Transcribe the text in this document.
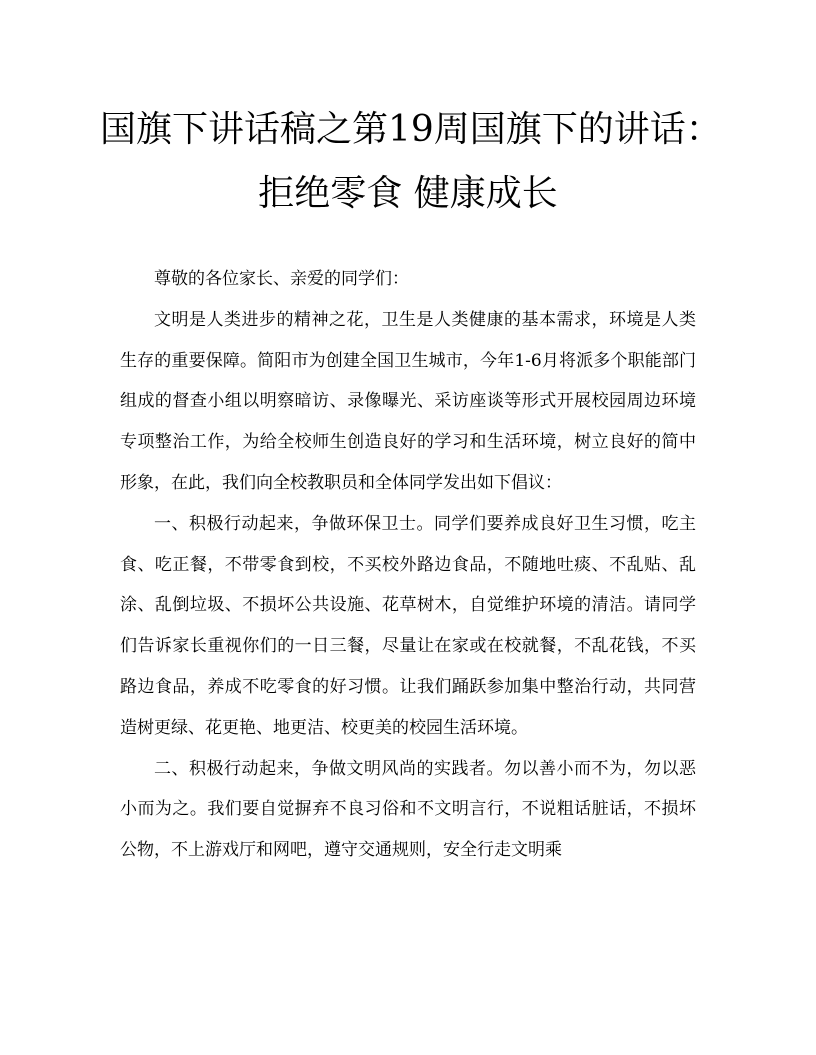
国旗下讲话稿之第19周国旗下的讲话：
拒绝零食 健康成长

尊敬的各位家长、亲爱的同学们：

文明是人类进步的精神之花，卫生是人类健康的基本需求，环境是人类生存的重要保障。简阳市为创建全国卫生城市，今年1-6月将派多个职能部门组成的督查小组以明察暗访、录像曝光、采访座谈等形式开展校园周边环境专项整治工作，为给全校师生创造良好的学习和生活环境，树立良好的简中形象，在此，我们向全校教职员和全体同学发出如下倡议：

一、积极行动起来，争做环保卫士。同学们要养成良好卫生习惯，吃主食、吃正餐，不带零食到校，不买校外路边食品，不随地吐痰、不乱贴、乱涂、乱倒垃圾、不损坏公共设施、花草树木，自觉维护环境的清洁。请同学们告诉家长重视你们的一日三餐，尽量让在家或在校就餐，不乱花钱，不买路边食品，养成不吃零食的好习惯。让我们踊跃参加集中整治行动，共同营造树更绿、花更艳、地更洁、校更美的校园生活环境。

二、积极行动起来，争做文明风尚的实践者。勿以善小而不为，勿以恶小而为之。我们要自觉摒弃不良习俗和不文明言行，不说粗话脏话，不损坏公物，不上游戏厅和网吧，遵守交通规则，安全行走文明乘
